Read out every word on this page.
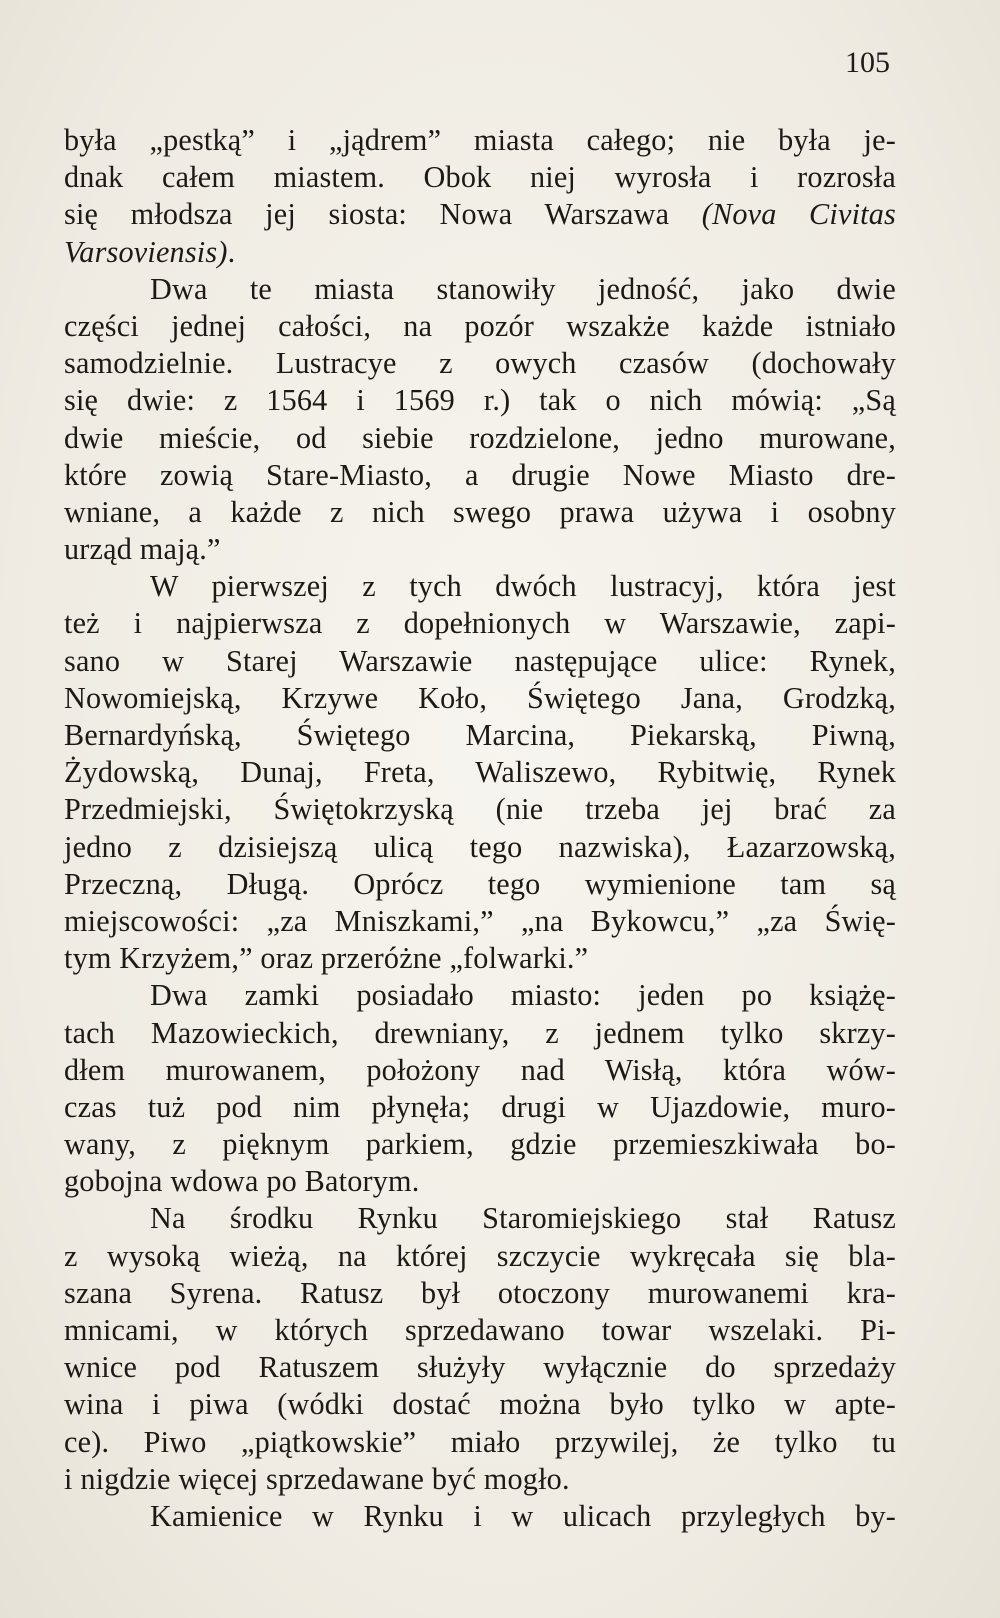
105
była „pestką” i „jądrem” miasta całego; nie była je-
dnak całem miastem. Obok niej wyrosła i rozrosła
się młodsza jej siosta: Nowa Warszawa (Nova Civitas
Varsoviensis).
Dwa te miasta stanowiły jedność, jako dwie
części jednej całości, na pozór wszakże każde istniało
samodzielnie. Lustracye z owych czasów (dochowały
się dwie: z 1564 i 1569 r.) tak o nich mówią: „Są
dwie mieście, od siebie rozdzielone, jedno murowane,
które zowią Stare-Miasto, a drugie Nowe Miasto dre-
wniane, a każde z nich swego prawa używa i osobny
urząd mają.”
W pierwszej z tych dwóch lustracyj, która jest
też i najpierwsza z dopełnionych w Warszawie, zapi-
sano w Starej Warszawie następujące ulice: Rynek,
Nowomiejską, Krzywe Koło, Świętego Jana, Grodzką,
Bernardyńską, Świętego Marcina, Piekarską, Piwną,
Żydowską, Dunaj, Freta, Waliszewo, Rybitwię, Rynek
Przedmiejski, Świętokrzyską (nie trzeba jej brać za
jedno z dzisiejszą ulicą tego nazwiska), Łazarzowską,
Przeczną, Długą. Oprócz tego wymienione tam są
miejscowości: „za Mniszkami,” „na Bykowcu,” „za Świę-
tym Krzyżem,” oraz przeróżne „folwarki.”
Dwa zamki posiadało miasto: jeden po książę-
tach Mazowieckich, drewniany, z jednem tylko skrzy-
dłem murowanem, położony nad Wisłą, która wów-
czas tuż pod nim płynęła; drugi w Ujazdowie, muro-
wany, z pięknym parkiem, gdzie przemieszkiwała bo-
gobojna wdowa po Batorym.
Na środku Rynku Staromiejskiego stał Ratusz
z wysoką wieżą, na której szczycie wykręcała się bla-
szana Syrena. Ratusz był otoczony murowanemi kra-
mnicami, w których sprzedawano towar wszelaki. Pi-
wnice pod Ratuszem służyły wyłącznie do sprzedaży
wina i piwa (wódki dostać można było tylko w apte-
ce). Piwo „piątkowskie” miało przywilej, że tylko tu
i nigdzie więcej sprzedawane być mogło.
Kamienice w Rynku i w ulicach przyległych by-
